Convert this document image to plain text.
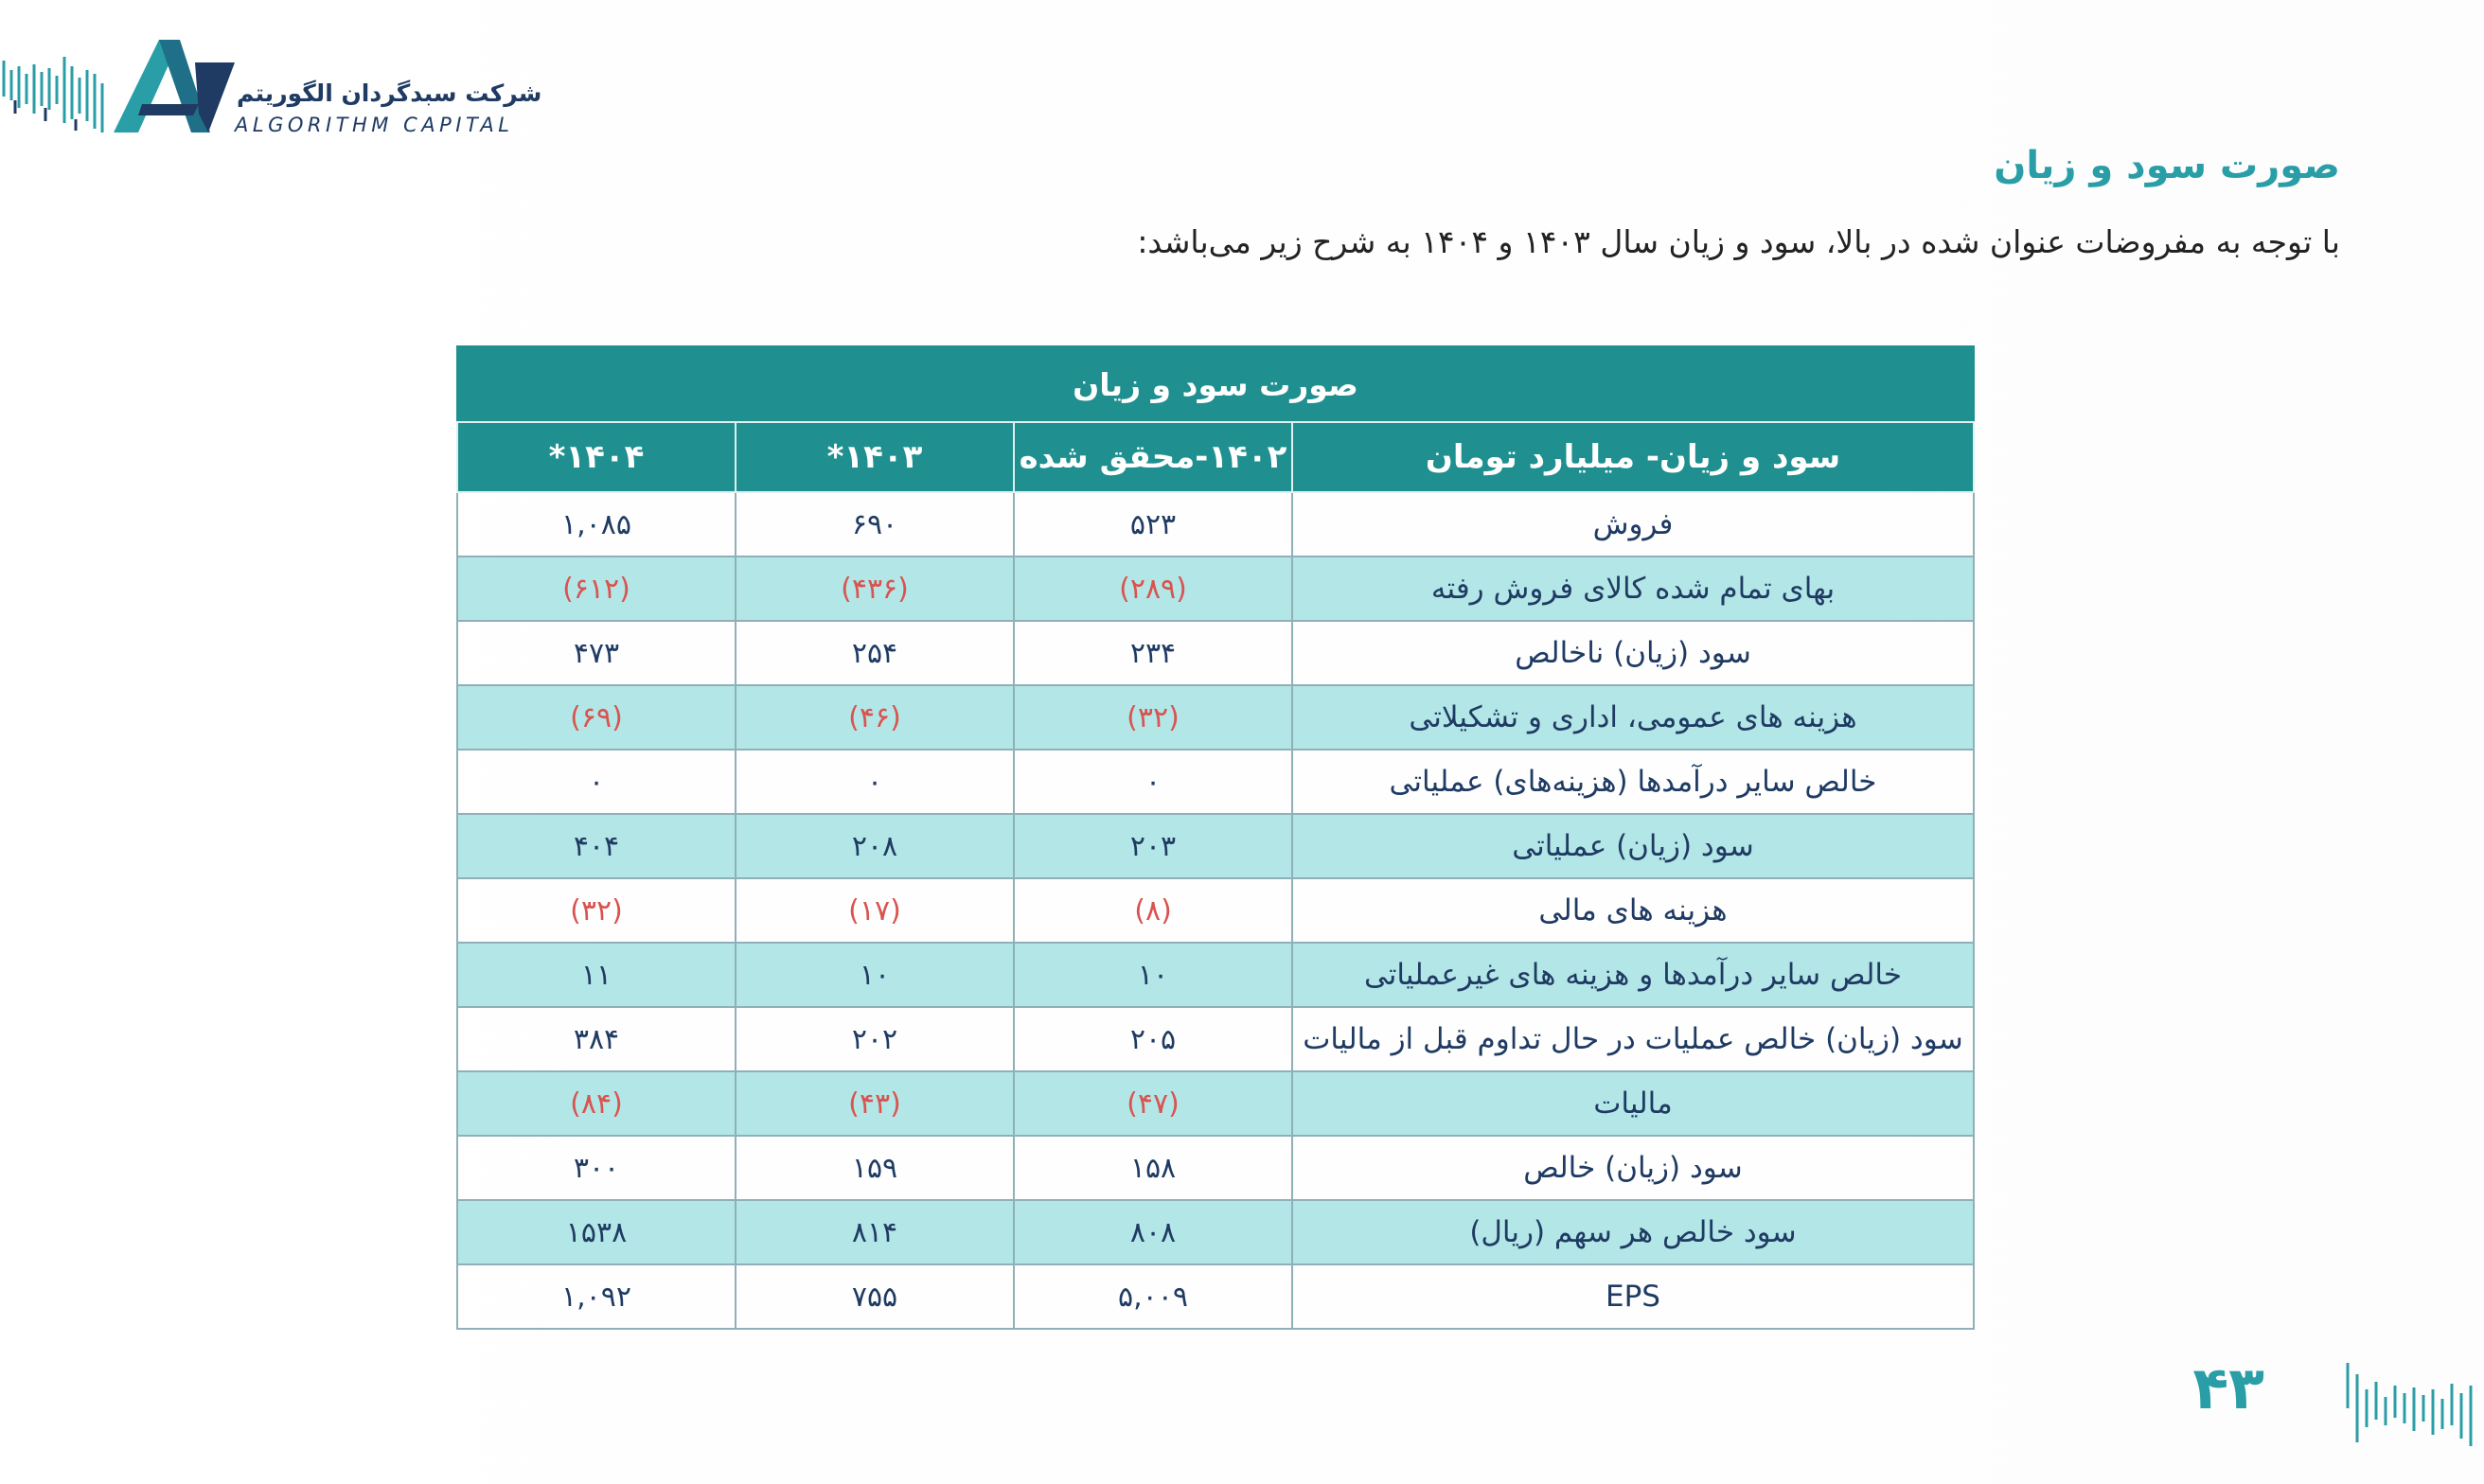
شرکت سبدگردان الگوریتم
ALGORITHM CAPITAL
صورت سود و زیان
با توجه به مفروضات عنوان شده در بالا، سود و زیان سال ۱۴۰۳ و ۱۴۰۴ به شرح زیر می‌باشد:
صورت سود و زیان			
سود و زیان- میلیارد تومان	۱۴۰۲-محقق شده	۱۴۰۳*	۱۴۰۴*
فروش	۵۲۳	۶۹۰	۱,۰۸۵
بهای تمام شده کالای فروش رفته	(۲۸۹)	(۴۳۶)	(۶۱۲)
سود (زیان) ناخالص	۲۳۴	۲۵۴	۴۷۳
هزینه های عمومی، اداری و تشکیلاتی	(۳۲)	(۴۶)	(۶۹)
خالص سایر درآمدها (هزینه‌های) عملیاتی	۰	۰	۰
سود (زیان) عملیاتی	۲۰۳	۲۰۸	۴۰۴
هزینه های مالی	(۸)	(۱۷)	(۳۲)
خالص سایر درآمدها و هزینه های غیرعملیاتی	۱۰	۱۰	۱۱
سود (زیان) خالص عملیات در حال تداوم قبل از مالیات	۲۰۵	۲۰۲	۳۸۴
مالیات	(۴۷)	(۴۳)	(۸۴)
سود (زیان) خالص	۱۵۸	۱۵۹	۳۰۰
سود خالص هر سهم (ریال)	۸۰۸	۸۱۴	۱۵۳۸
EPS	۵,۰۰۹	۷۵۵	۱,۰۹۲
۴۳
